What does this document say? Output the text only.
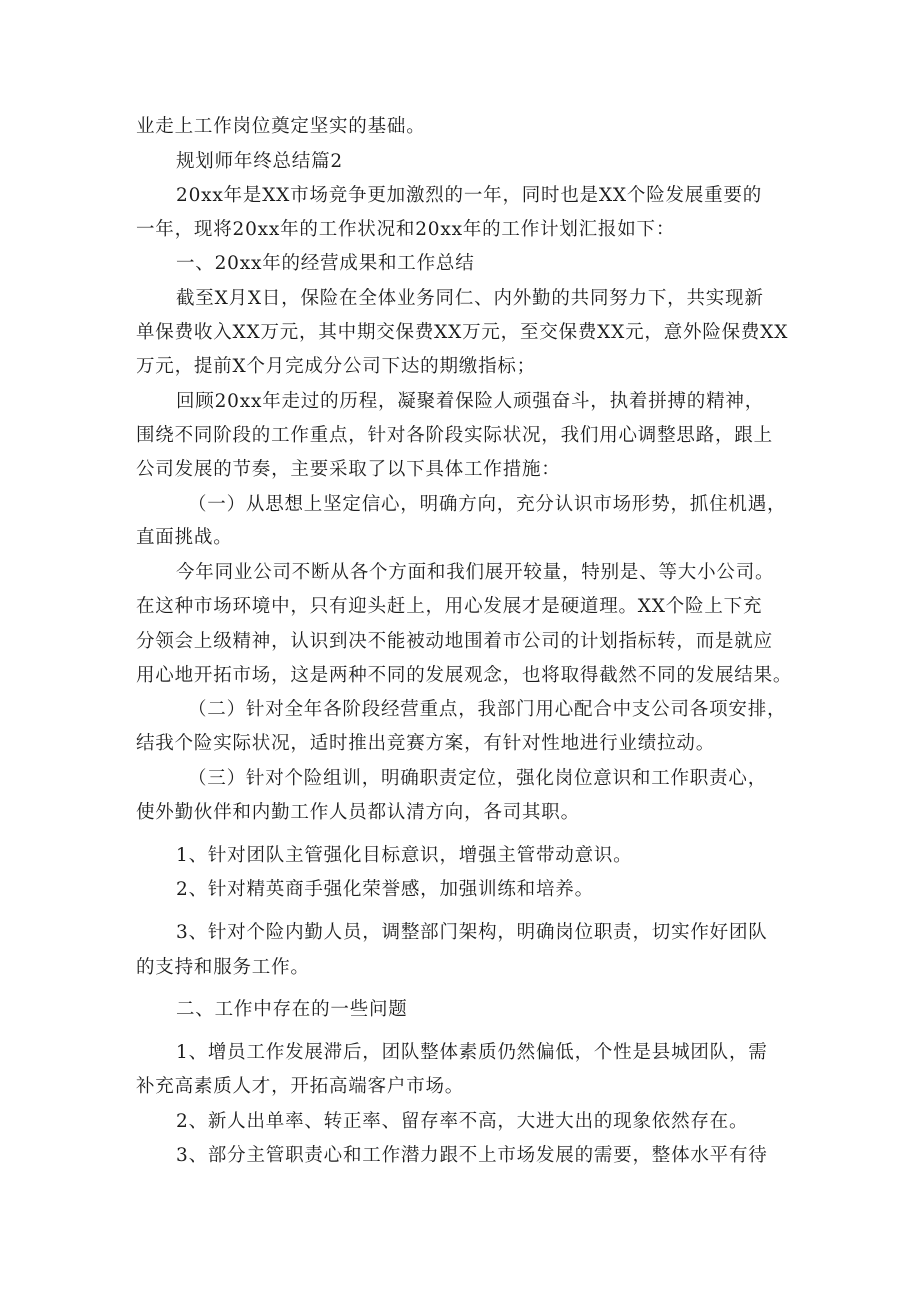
业走上工作岗位奠定坚实的基础。

规划师年终总结篇2

20xx年是XX市场竞争更加激烈的一年，同时也是XX个险发展重要的

一年，现将20xx年的工作状况和20xx年的工作计划汇报如下：

一、20xx年的经营成果和工作总结

截至X月X日，保险在全体业务同仁、内外勤的共同努力下，共实现新

单保费收入XX万元，其中期交保费XX万元，至交保费XX元，意外险保费XX

万元，提前X个月完成分公司下达的期缴指标；

回顾20xx年走过的历程，凝聚着保险人顽强奋斗，执着拼搏的精神，

围绕不同阶段的工作重点，针对各阶段实际状况，我们用心调整思路，跟上

公司发展的节奏，主要采取了以下具体工作措施：

（一）从思想上坚定信心，明确方向，充分认识市场形势，抓住机遇，

直面挑战。

今年同业公司不断从各个方面和我们展开较量，特别是、等大小公司。

在这种市场环境中，只有迎头赶上，用心发展才是硬道理。XX个险上下充

分领会上级精神，认识到决不能被动地围着市公司的计划指标转，而是就应

用心地开拓市场，这是两种不同的发展观念，也将取得截然不同的发展结果。

（二）针对全年各阶段经营重点，我部门用心配合中支公司各项安排，

结我个险实际状况，适时推出竞赛方案，有针对性地进行业绩拉动。

（三）针对个险组训，明确职责定位，强化岗位意识和工作职责心，

使外勤伙伴和内勤工作人员都认清方向，各司其职。

1、针对团队主管强化目标意识，增强主管带动意识。

2、针对精英商手强化荣誉感，加强训练和培养。

3、针对个险内勤人员，调整部门架构，明确岗位职责，切实作好团队

的支持和服务工作。

二、工作中存在的一些问题

1、增员工作发展滞后，团队整体素质仍然偏低，个性是县城团队，需

补充高素质人才，开拓高端客户市场。

2、新人出单率、转正率、留存率不高，大进大出的现象依然存在。

3、部分主管职责心和工作潜力跟不上市场发展的需要，整体水平有待
